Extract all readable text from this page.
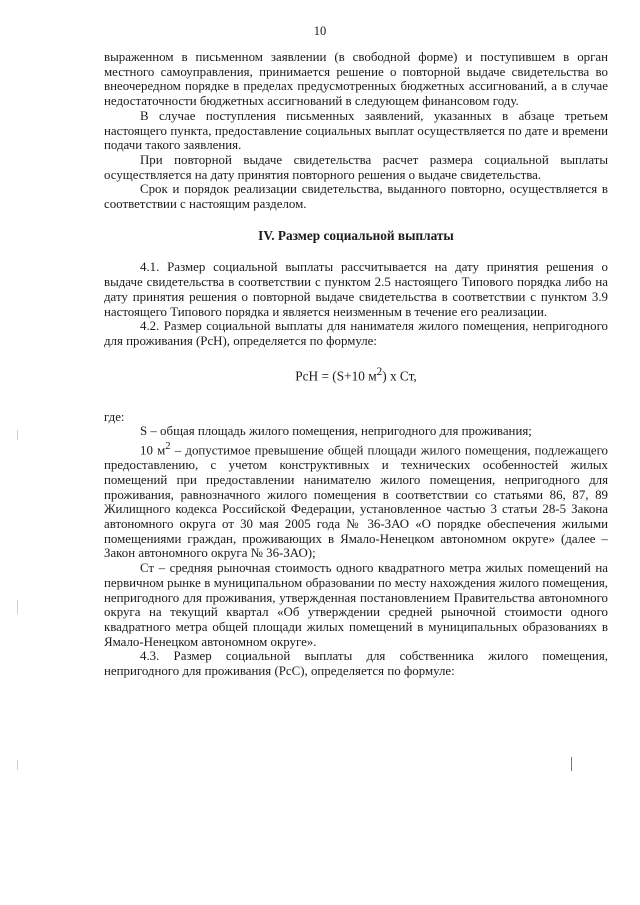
10

выраженном в письменном заявлении (в свободной форме) и поступившем в орган местного самоуправления, принимается решение о повторной выдаче свидетельства во внеочередном порядке в пределах предусмотренных бюджетных ассигнований, а в случае недостаточности бюджетных ассигнований в следующем финансовом году.

В случае поступления письменных заявлений, указанных в абзаце третьем настоящего пункта, предоставление социальных выплат осуществляется по дате и времени подачи такого заявления.

При повторной выдаче свидетельства расчет размера социальной выплаты осуществляется на дату принятия повторного решения о выдаче свидетельства.

Срок и порядок реализации свидетельства, выданного повторно, осуществляется в соответствии с настоящим разделом.

IV. Размер социальной выплаты

4.1. Размер социальной выплаты рассчитывается на дату принятия решения о выдаче свидетельства в соответствии с пунктом 2.5 настоящего Типового порядка либо на дату принятия решения о повторной выдаче свидетельства в соответствии с пунктом 3.9 настоящего Типового порядка и является неизменным в течение его реализации.

4.2. Размер социальной выплаты для нанимателя жилого помещения, непригодного для проживания (РсН), определяется по формуле:

РсН = (S+10 $м^2$) х Ст,

где:

S – общая площадь жилого помещения, непригодного для проживания;

10 $м^2$ – допустимое превышение общей площади жилого помещения, подлежащего предоставлению, с учетом конструктивных и технических особенностей жилых помещений при предоставлении нанимателю жилого помещения, непригодного для проживания, равнозначного жилого помещения в соответствии со статьями 86, 87, 89 Жилищного кодекса Российской Федерации, установленное частью 3 статьи 28-5 Закона автономного округа от 30 мая 2005 года № 36-ЗАО «О порядке обеспечения жилыми помещениями граждан, проживающих в Ямало-Ненецком автономном округе» (далее – Закон автономного округа № 36-ЗАО);

Ст – средняя рыночная стоимость одного квадратного метра жилых помещений на первичном рынке в муниципальном образовании по месту нахождения жилого помещения, непригодного для проживания, утвержденная постановлением Правительства автономного округа на текущий квартал «Об утверждении средней рыночной стоимости одного квадратного метра общей площади жилых помещений в муниципальных образованиях в Ямало-Ненецком автономном округе».

4.3. Размер социальной выплаты для собственника жилого помещения, непригодного для проживания (РсС), определяется по формуле:
